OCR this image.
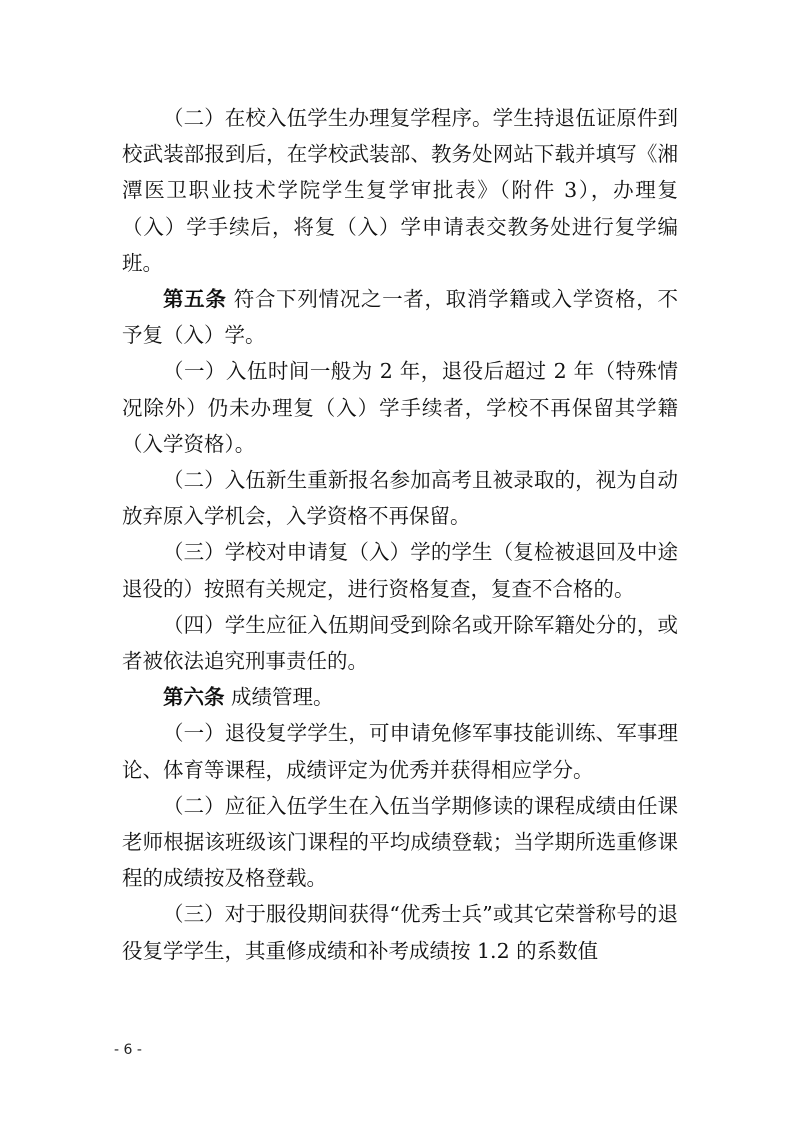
（二）在校入伍学生办理复学程序。学生持退伍证原件到校武装部报到后，在学校武装部、教务处网站下载并填写《湘潭医卫职业技术学院学生复学审批表》（附件 3），办理复（入）学手续后，将复（入）学申请表交教务处进行复学编班。

第五条 符合下列情况之一者，取消学籍或入学资格，不予复（入）学。

（一）入伍时间一般为 2 年，退役后超过 2 年（特殊情况除外）仍未办理复（入）学手续者，学校不再保留其学籍（入学资格）。

（二）入伍新生重新报名参加高考且被录取的，视为自动放弃原入学机会，入学资格不再保留。

（三）学校对申请复（入）学的学生（复检被退回及中途退役的）按照有关规定，进行资格复查，复查不合格的。

（四）学生应征入伍期间受到除名或开除军籍处分的，或者被依法追究刑事责任的。

第六条 成绩管理。

（一）退役复学学生，可申请免修军事技能训练、军事理论、体育等课程，成绩评定为优秀并获得相应学分。

（二）应征入伍学生在入伍当学期修读的课程成绩由任课老师根据该班级该门课程的平均成绩登载；当学期所选重修课程的成绩按及格登载。

（三）对于服役期间获得“优秀士兵”或其它荣誉称号的退役复学学生，其重修成绩和补考成绩按 1.2 的系数值

- 6 -
